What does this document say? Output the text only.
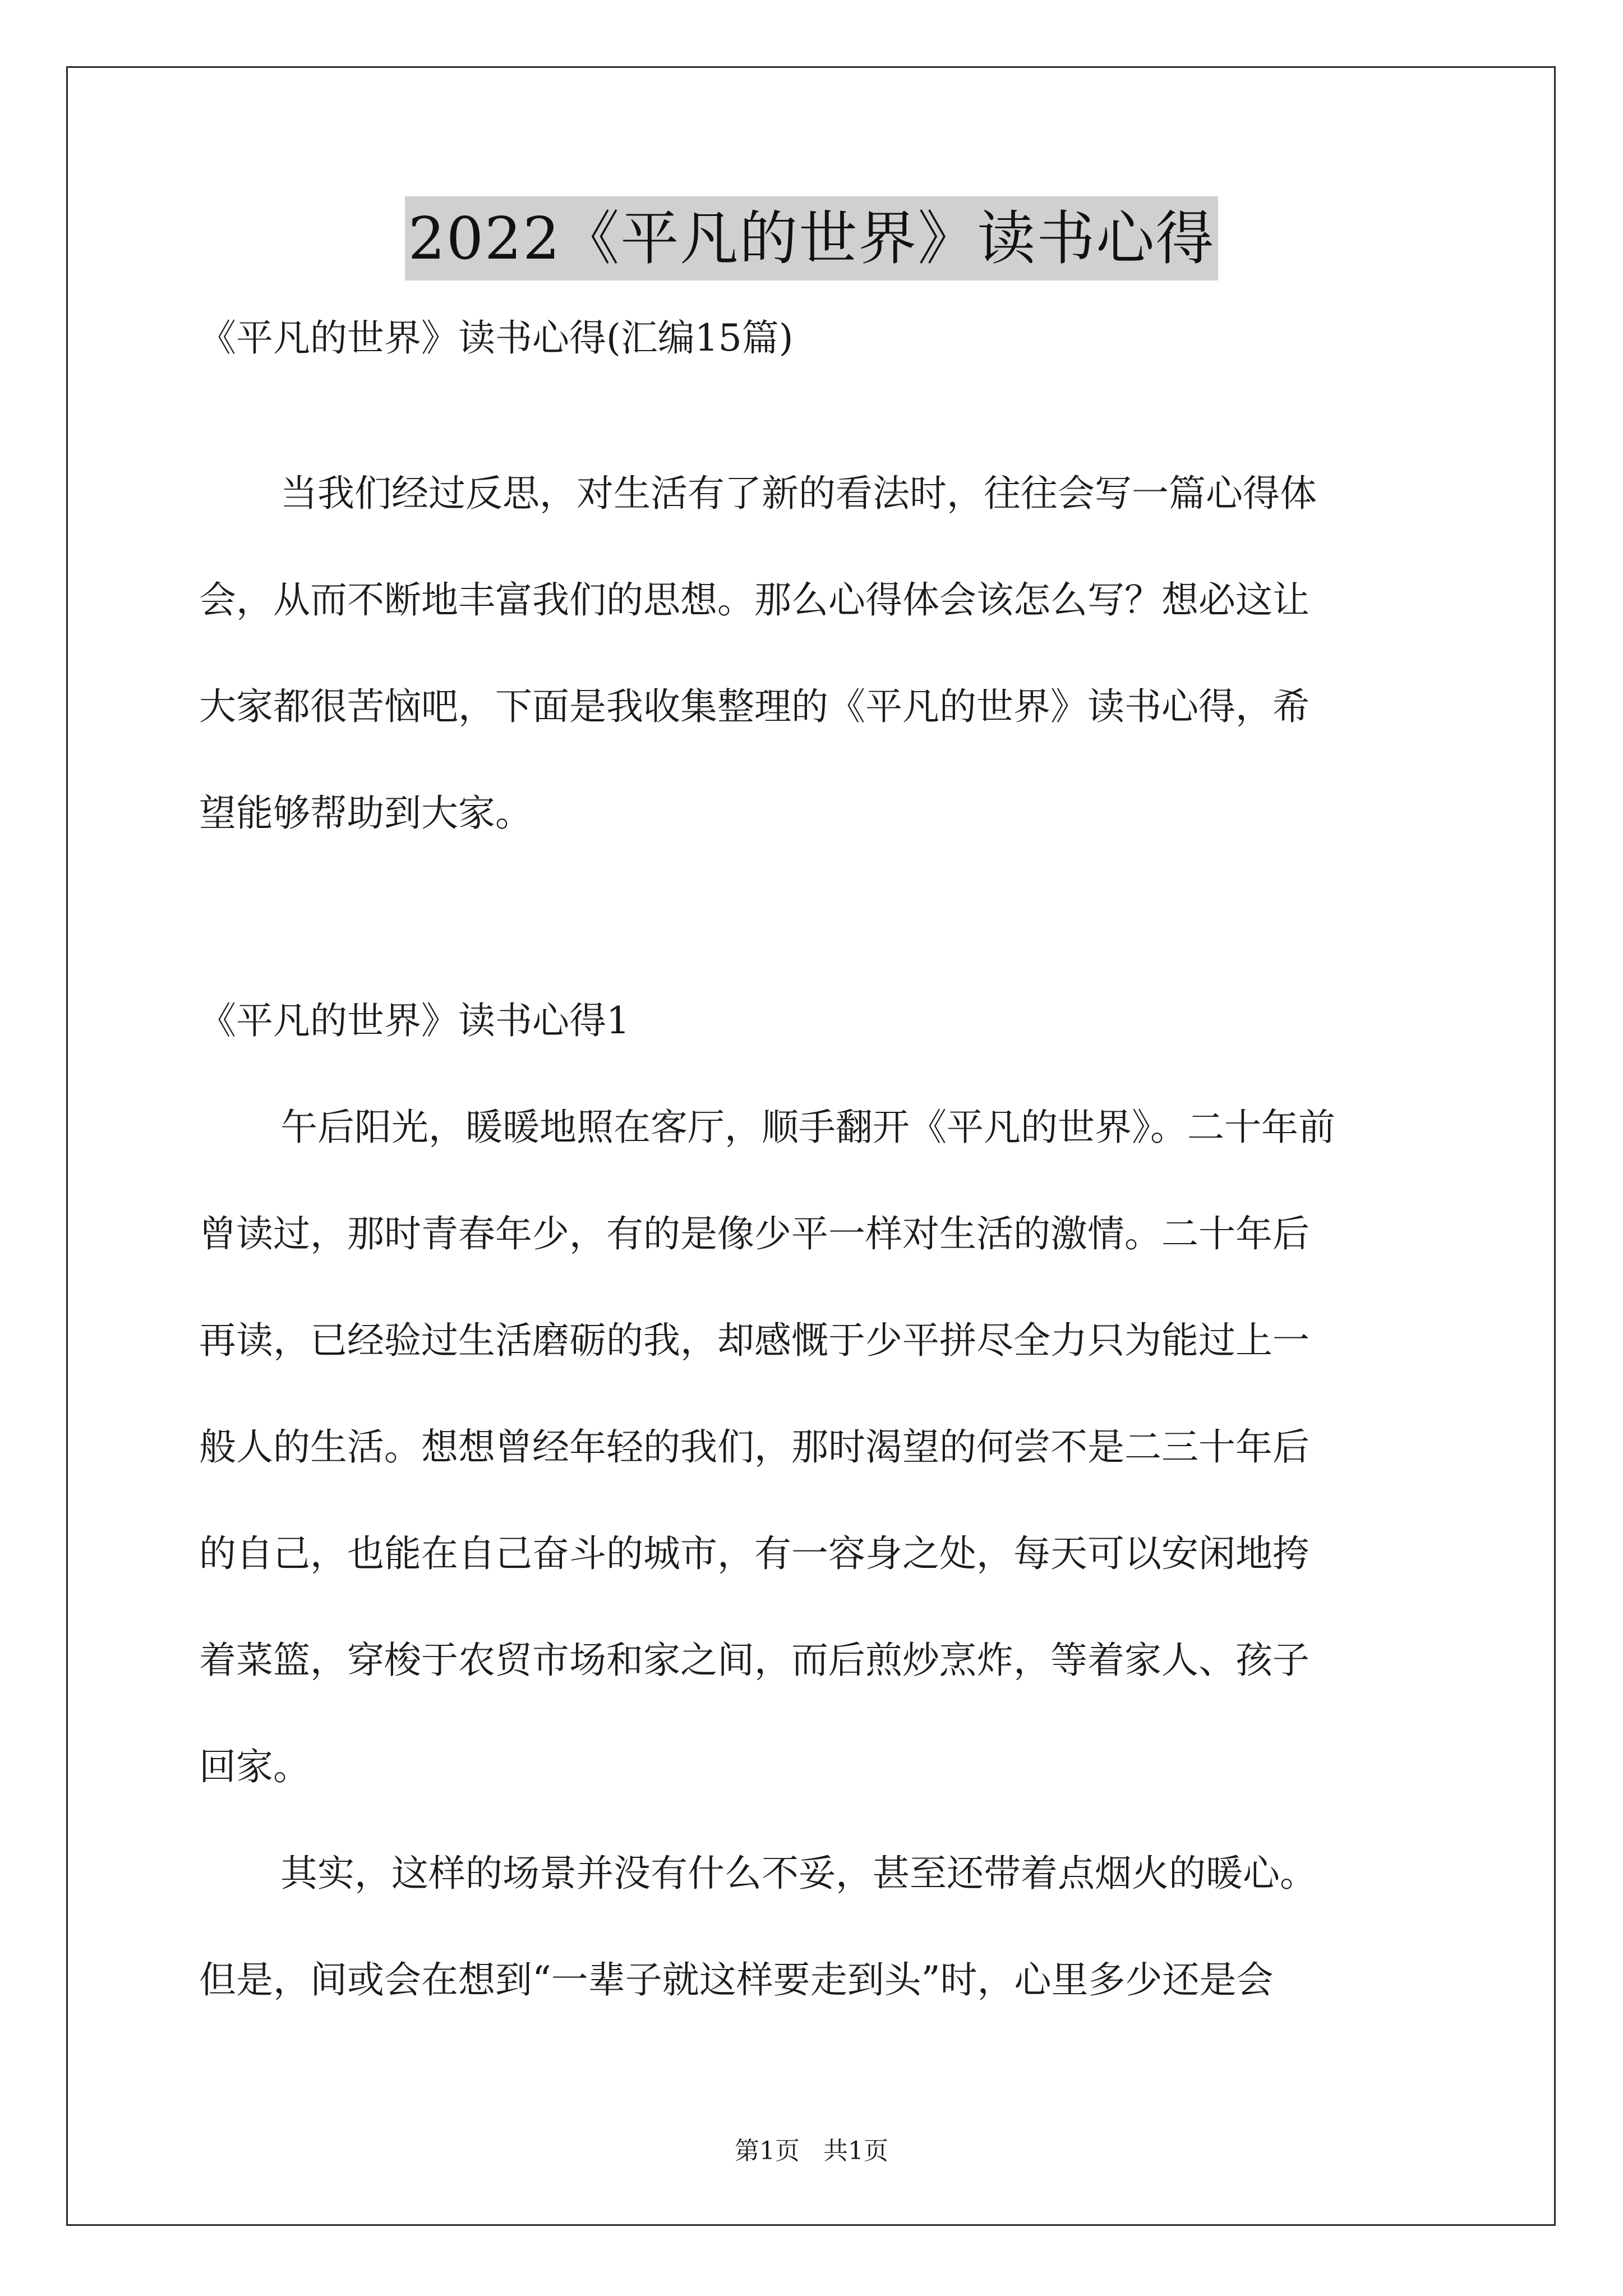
2022《平凡的世界》读书心得
《平凡的世界》读书心得(汇编15篇)
当我们经过反思，对生活有了新的看法时，往往会写一篇心得体
会，从而不断地丰富我们的思想。那么心得体会该怎么写？想必这让
大家都很苦恼吧，下面是我收集整理的《平凡的世界》读书心得，希
望能够帮助到大家。
《平凡的世界》读书心得1
午后阳光，暖暖地照在客厅，顺手翻开《平凡的世界》。二十年前
曾读过，那时青春年少，有的是像少平一样对生活的激情。二十年后
再读，已经验过生活磨砺的我，却感慨于少平拼尽全力只为能过上一
般人的生活。想想曾经年轻的我们，那时渴望的何尝不是二三十年后
的自己，也能在自己奋斗的城市，有一容身之处，每天可以安闲地挎
着菜篮，穿梭于农贸市场和家之间，而后煎炒烹炸，等着家人、孩子
回家。
其实，这样的场景并没有什么不妥，甚至还带着点烟火的暖心。
但是，间或会在想到“一辈子就这样要走到头”时，心里多少还是会
第1页   共1页
